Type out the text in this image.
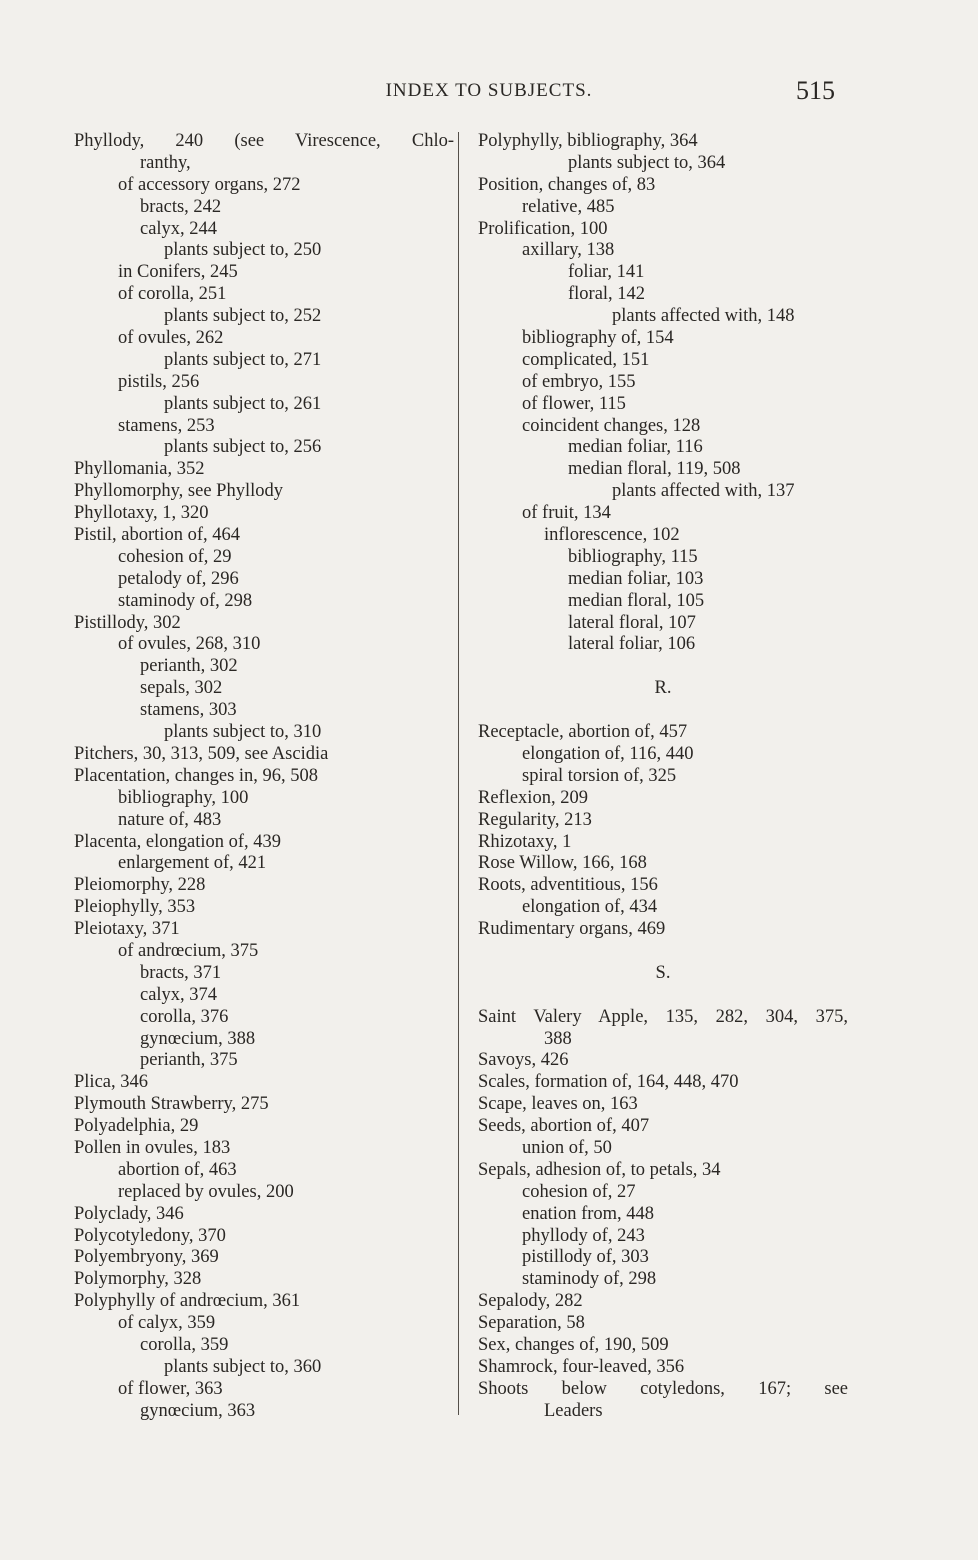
INDEX TO SUBJECTS.	515
Phyllody, 240 (see Virescence, Chlo-
ranthy,
of accessory organs, 272
bracts, 242
calyx, 244
plants subject to, 250
in Conifers, 245
of corolla, 251
plants subject to, 252
of ovules, 262
plants subject to, 271
pistils, 256
plants subject to, 261
stamens, 253
plants subject to, 256
Phyllomania, 352
Phyllomorphy, see Phyllody
Phyllotaxy, 1, 320
Pistil, abortion of, 464
cohesion of, 29
petalody of, 296
staminody of, 298
Pistillody, 302
of ovules, 268, 310
perianth, 302
sepals, 302
stamens, 303
plants subject to, 310
Pitchers, 30, 313, 509, see Ascidia
Placentation, changes in, 96, 508
bibliography, 100
nature of, 483
Placenta, elongation of, 439
enlargement of, 421
Pleiomorphy, 228
Pleiophylly, 353
Pleiotaxy, 371
of andrœcium, 375
bracts, 371
calyx, 374
corolla, 376
gynœcium, 388
perianth, 375
Plica, 346
Plymouth Strawberry, 275
Polyadelphia, 29
Pollen in ovules, 183
abortion of, 463
replaced by ovules, 200
Polyclady, 346
Polycotyledony, 370
Polyembryony, 369
Polymorphy, 328
Polyphylly of andrœcium, 361
of calyx, 359
corolla, 359
plants subject to, 360
of flower, 363
gynœcium, 363
Polyphylly, bibliography, 364
plants subject to, 364
Position, changes of, 83
relative, 485
Prolification, 100
axillary, 138
foliar, 141
floral, 142
plants affected with, 148
bibliography of, 154
complicated, 151
of embryo, 155
of flower, 115
coincident changes, 128
median foliar, 116
median floral, 119, 508
plants affected with, 137
of fruit, 134
inflorescence, 102
bibliography, 115
median foliar, 103
median floral, 105
lateral floral, 107
lateral foliar, 106
R.
Receptacle, abortion of, 457
elongation of, 116, 440
spiral torsion of, 325
Reflexion, 209
Regularity, 213
Rhizotaxy, 1
Rose Willow, 166, 168
Roots, adventitious, 156
elongation of, 434
Rudimentary organs, 469
S.
Saint Valery Apple, 135, 282, 304, 375,
388
Savoys, 426
Scales, formation of, 164, 448, 470
Scape, leaves on, 163
Seeds, abortion of, 407
union of, 50
Sepals, adhesion of, to petals, 34
cohesion of, 27
enation from, 448
phyllody of, 243
pistillody of, 303
staminody of, 298
Sepalody, 282
Separation, 58
Sex, changes of, 190, 509
Shamrock, four-leaved, 356
Shoots below cotyledons, 167; see
Leaders
